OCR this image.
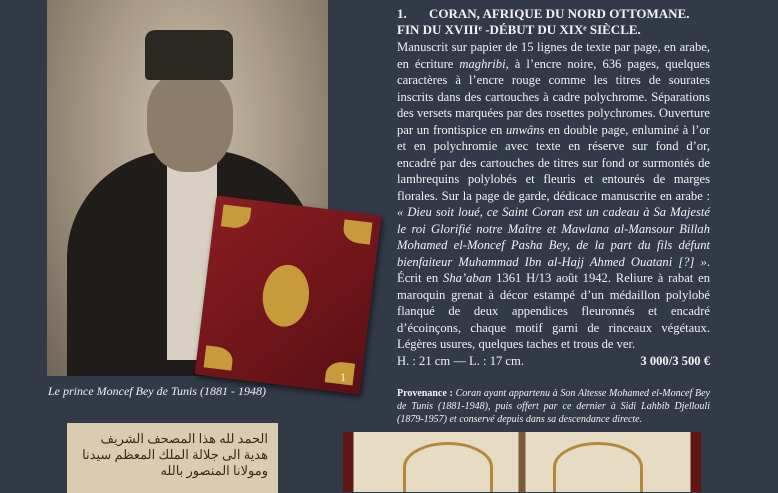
1
Le prince Moncef Bey de Tunis (1881 - 1948)
1. CORAN, AFRIQUE DU NORD OTTOMANE.
FIN DU XVIIIᵉ -DÉBUT DU XIXᵉ SIÈCLE.
Manuscrit sur papier de 15 lignes de texte par page, en arabe, en écriture maghribi, à l’encre noire, 636 pages, quelques caractères à l’encre rouge comme les titres de sourates inscrits dans des cartouches à cadre polychrome. Séparations des versets marquées par des rosettes polychromes. Ouverture par un frontispice en unwâns en double page, enluminé à l’or et en polychromie avec texte en réserve sur fond d’or, encadré par des cartouches de titres sur fond or surmontés de lambrequins polylobés et fleuris et entourés de marges florales. Sur la page de garde, dédicace manuscrite en arabe : « Dieu soit loué, ce Saint Coran est un cadeau à Sa Majesté le roi Glorifié notre Maître et Mawlana al-Mansour Billah Mohamed el-Moncef Pasha Bey, de la part du fils défunt bienfaiteur Muhammad Ibn al-Hajj Ahmed Ouatani [?] ». Écrit en Sha’aban 1361 H/13 août 1942. Reliure à rabat en maroquin grenat à décor estampé d’un médaillon polylobé flanqué de deux appendices fleuronnés et encadré d’écoinçons, chaque motif garni de rinceaux végétaux. Légères usures, quelques taches et trous de ver.
H. : 21 cm — L. : 17 cm.	3 000/3 500 €
Provenance : Coran ayant appartenu à Son Altesse Mohamed el-Moncef Bey de Tunis (1881-1948), puis offert par ce dernier à Sidi Lahbib Djellouli (1879-1957) et conservé depuis dans sa descendance directe.
الحمد لله هذا المصحف الشريف هدية الى جلالة الملك المعظم سيدنا ومولانا المنصور بالله
